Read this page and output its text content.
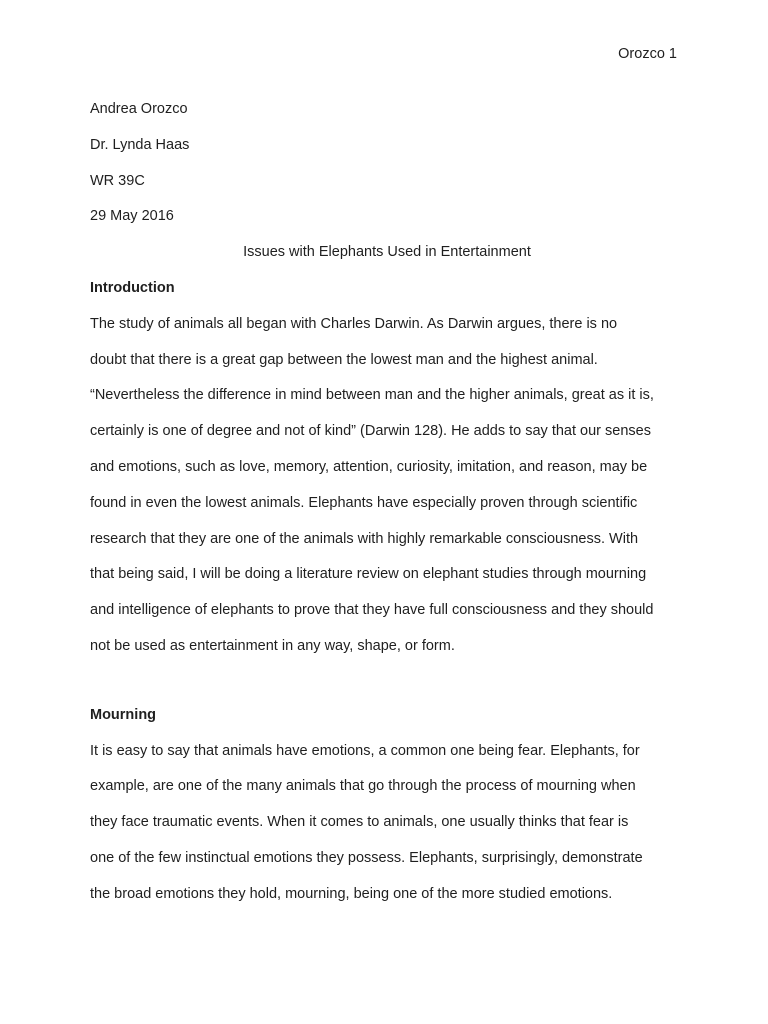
Orozco 1
Andrea Orozco
Dr. Lynda Haas
WR 39C
29 May 2016
Issues with Elephants Used in Entertainment
Introduction
The study of animals all began with Charles Darwin. As Darwin argues, there is no
doubt that there is a great gap between the lowest man and the highest animal.
“Nevertheless the difference in mind between man and the higher animals, great as it is,
certainly is one of degree and not of kind” (Darwin 128). He adds to say that our senses
and emotions, such as love, memory, attention, curiosity, imitation, and reason, may be
found in even the lowest animals. Elephants have especially proven through scientific
research that they are one of the animals with highly remarkable consciousness. With
that being said, I will be doing a literature review on elephant studies through mourning
and intelligence of elephants to prove that they have full consciousness and they should
not be used as entertainment in any way, shape, or form.
Mourning
It is easy to say that animals have emotions, a common one being fear. Elephants, for
example, are one of the many animals that go through the process of mourning when
they face traumatic events. When it comes to animals, one usually thinks that fear is
one of the few instinctual emotions they possess. Elephants, surprisingly, demonstrate
the broad emotions they hold, mourning, being one of the more studied emotions.
